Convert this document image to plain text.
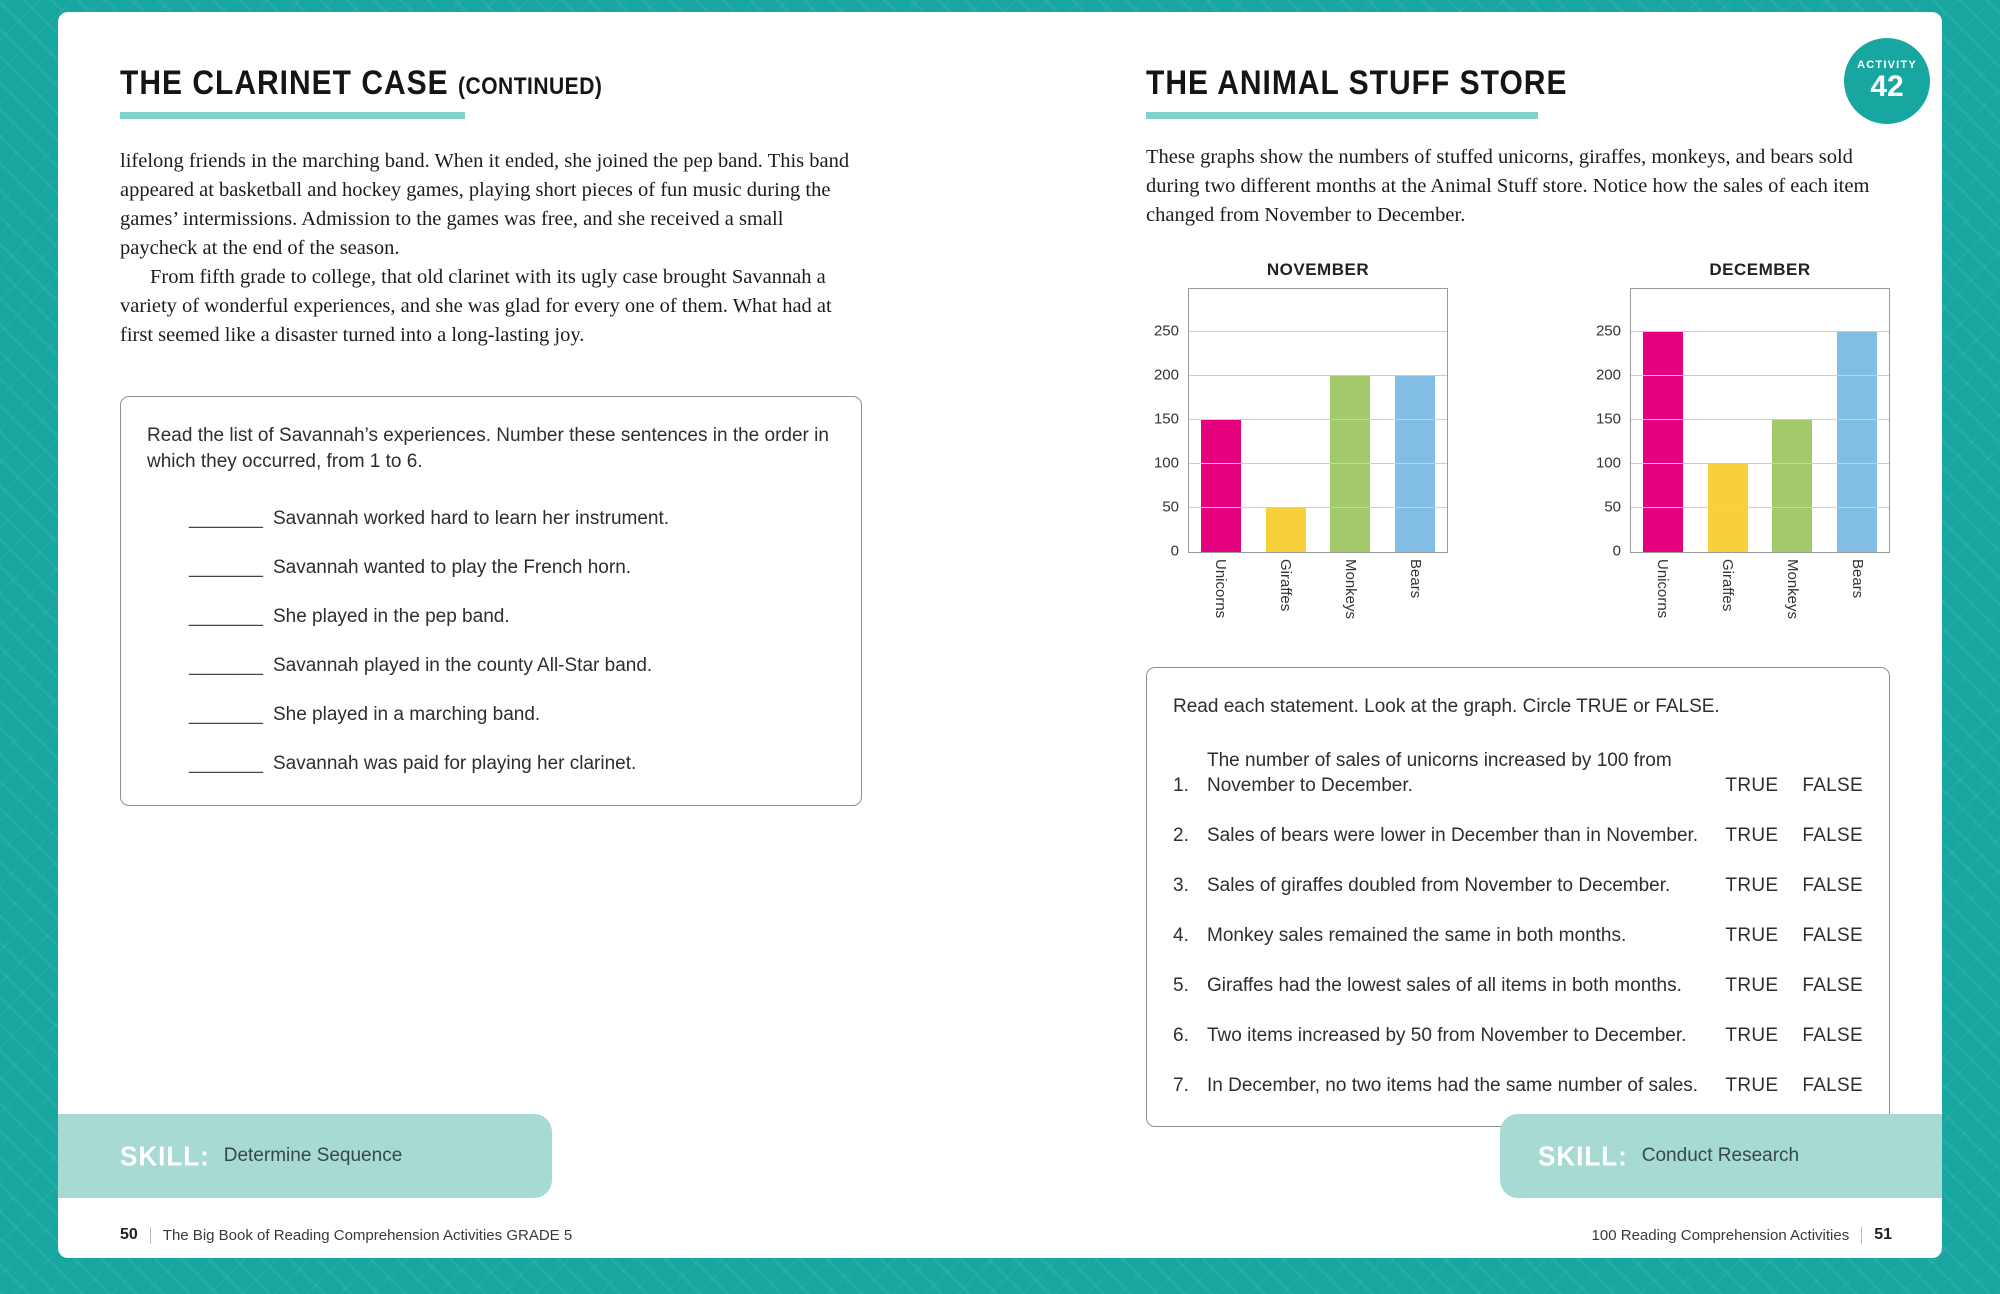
THE CLARINET CASE (CONTINUED)

lifelong friends in the marching band. When it ended, she joined the pep band. This band appeared at basketball and hockey games, playing short pieces of fun music during the games’ intermissions. Admission to the games was free, and she received a small paycheck at the end of the season.

From fifth grade to college, that old clarinet with its ugly case brought Savannah a variety of wonderful experiences, and she was glad for every one of them. What had at first seemed like a disaster turned into a long-lasting joy.

Read the list of Savannah’s experiences. Number these sentences in the order in which they occurred, from 1 to 6.

_______ Savannah worked hard to learn her instrument.
_______ Savannah wanted to play the French horn.
_______ She played in the pep band.
_______ Savannah played in the county All-Star band.
_______ She played in a marching band.
_______ Savannah was paid for playing her clarinet.
SKILL: Determine Sequence
50 The Big Book of Reading Comprehension Activities GRADE 5
ACTIVITY
42
THE ANIMAL STUFF STORE

These graphs show the numbers of stuffed unicorns, giraffes, monkeys, and bears sold during two different months at the Animal Stuff store. Notice how the sales of each item changed from November to December.

NOVEMBER
0
50
100
150
200
250
Unicorns	Giraffes	Monkeys	Bears
DECEMBER
0
50
100
150
200
250
Unicorns	Giraffes	Monkeys	Bears

Read each statement. Look at the graph. Circle TRUE or FALSE.

1.
The number of sales of unicorns increased by 100 from November to December.	TRUE FALSE
2. Sales of bears were lower in December than in November.	TRUE FALSE
3. Sales of giraffes doubled from November to December.	TRUE FALSE
4. Monkey sales remained the same in both months.	TRUE FALSE
5. Giraffes had the lowest sales of all items in both months.	TRUE FALSE
6. Two items increased by 50 from November to December.	TRUE FALSE
7. In December, no two items had the same number of sales.	TRUE FALSE
SKILL: Conduct Research
100 Reading Comprehension Activities 51
